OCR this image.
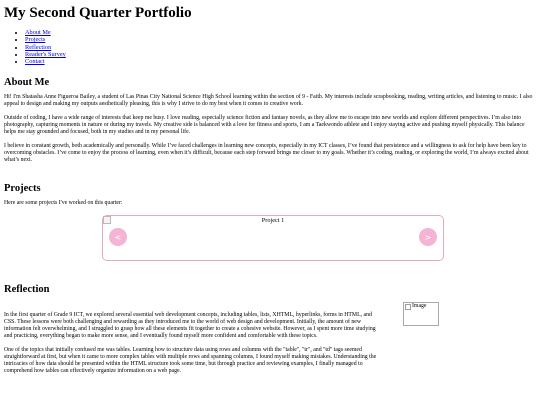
My Second Quarter Portfolio
• About Me
• Projects
• Reflection
• Reader's Survey
• Contact
About Me

Hi! I'm Shatasha Anne Figueroa Bailey, a student of Las Pinas City National Science High School learning within the section of 9 - Faith. My interests include scrapbooking, reading, writing articles, and listening to music. I also appeal to design and making my outputs aesthetically pleasing, this is why I strive to do my best when it comes to creative work.

Outside of coding, I have a wide range of interests that keep me busy. I love reading, especially science fiction and fantasy novels, as they allow me to escape into new worlds and explore different perspectives. I’m also into photography, capturing moments in nature or during my travels. My creative side is balanced with a love for fitness and sports, I am a Taekwondo athlete and I enjoy staying active and pushing myself physically. This balance helps me stay grounded and focused, both in my studies and in my personal life.

I believe in constant growth, both academically and personally. While I’ve faced challenges in learning new concepts, especially in my ICT classes, I’ve found that persistence and a willingness to ask for help have been key to overcoming obstacles. I’ve come to enjoy the process of learning, even when it’s difficult, because each step forward brings me closer to my goals. Whether it’s coding, reading, or exploring the world, I’m always excited about what’s next.

Projects

Here are some projects I've worked on this quarter:

Project 1
<	>
Reflection
Image

In the first quarter of Grade 9 ICT, we explored several essential web development concepts, including tables, lists, XHTML, hyperlinks, forms in HTML, and CSS. These lessons were both challenging and rewarding as they introduced me to the world of web design and development. Initially, the amount of new information felt overwhelming, and I struggled to grasp how all these elements fit together to create a cohesive website. However, as I spent more time studying and practicing, everything began to make more sense, and I eventually found myself more confident and comfortable with these topics.

One of the topics that initially confused me was tables. Learning how to structure data using rows and columns with the "table", "tr", and "td" tags seemed straightforward at first, but when it came to more complex tables with multiple rows and spanning columns, I found myself making mistakes. Understanding the intricacies of how data should be presented within the HTML structure took some time, but through practice and reviewing examples, I finally managed to comprehend how tables can effectively organize information on a web page.
